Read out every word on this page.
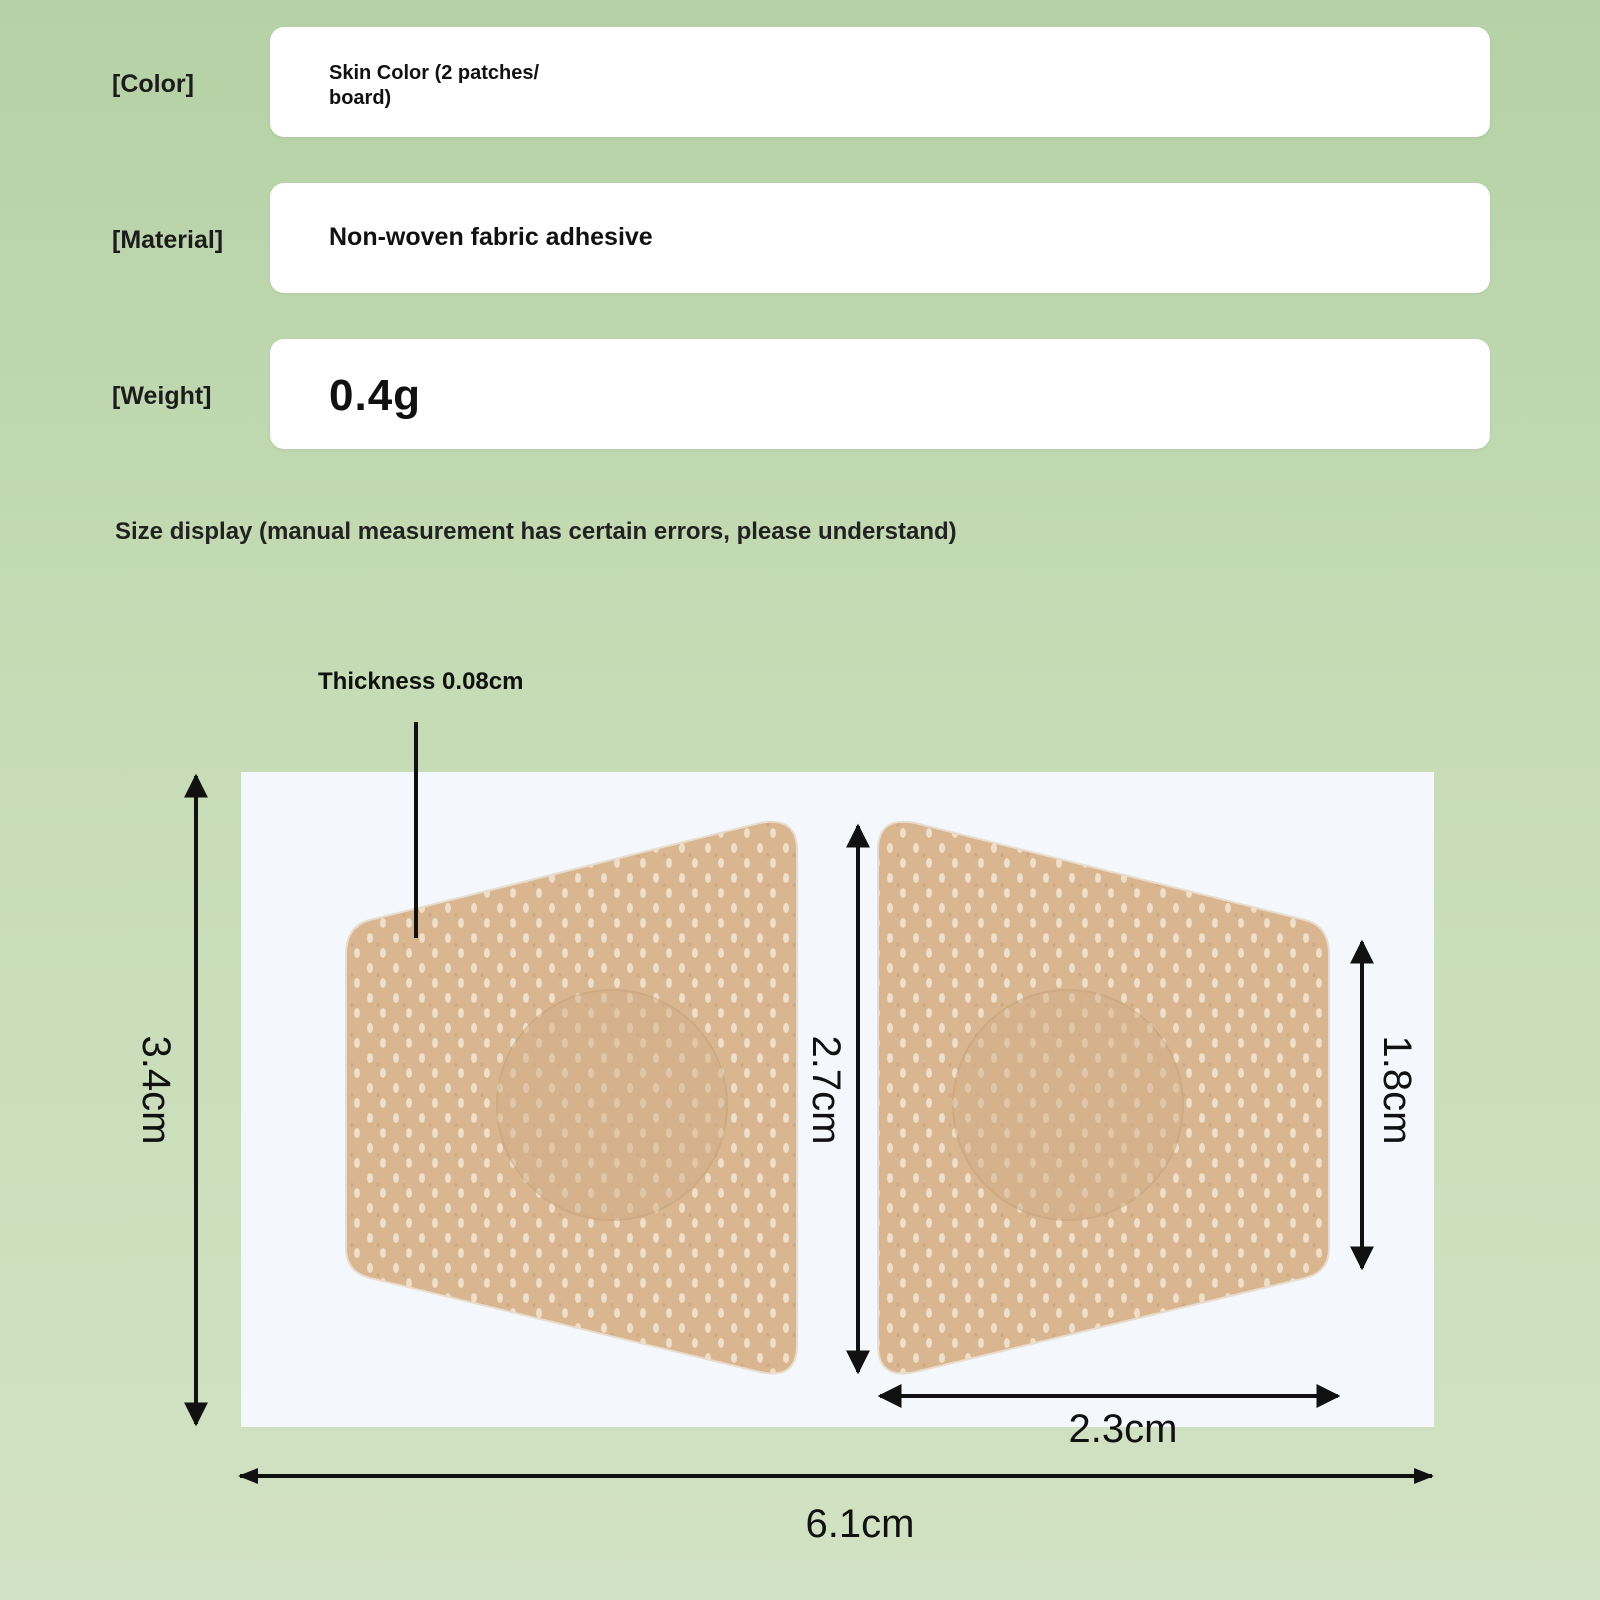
[Color]	Skin Color (2 patches/ board)
[Material]	Non-woven fabric adhesive
[Weight]	0.4g
Size display (manual measurement has certain errors, please understand)
Thickness 0.08cm
3.4cm	2.7cm	1.8cm
2.3cm
6.1cm
